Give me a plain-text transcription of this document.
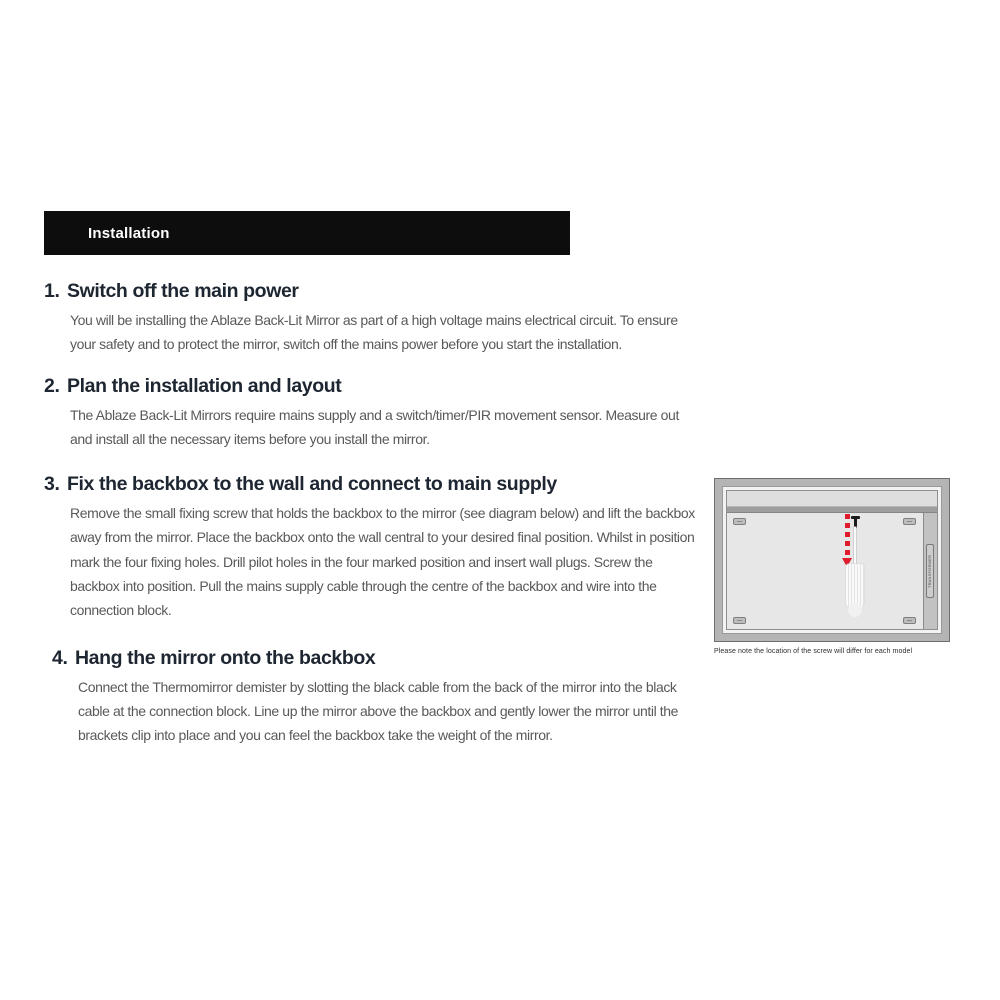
Installation
1. Switch off the main power
You will be installing the Ablaze Back-Lit Mirror as part of a high voltage mains electrical circuit. To ensure your safety and to protect the mirror, switch off the mains power before you start the installation.
2. Plan the installation and layout
The Ablaze Back-Lit Mirrors require mains supply and a switch/timer/PIR movement sensor. Measure out and install all the necessary items before you install the mirror.
3. Fix the backbox to the wall and connect to main supply
Remove the small fixing screw that holds the backbox to the mirror (see diagram below) and lift the backbox away from the mirror. Place the backbox onto the wall central to your desired final position. Whilst in position mark the four fixing holes. Drill pilot holes in the four marked position and insert wall plugs. Screw the backbox into position. Pull the mains supply cable through the centre of the backbox and wire into the connection block.
4. Hang the mirror onto the backbox
Connect the Thermomirror demister by slotting the black cable from the back of the mirror into the black cable at the connection block. Line up the mirror above the backbox and gently lower the mirror until the brackets clip into place and you can feel the backbox take the weight of the mirror.
TRANSFORMER
Please note the location of the screw will differ for each model
